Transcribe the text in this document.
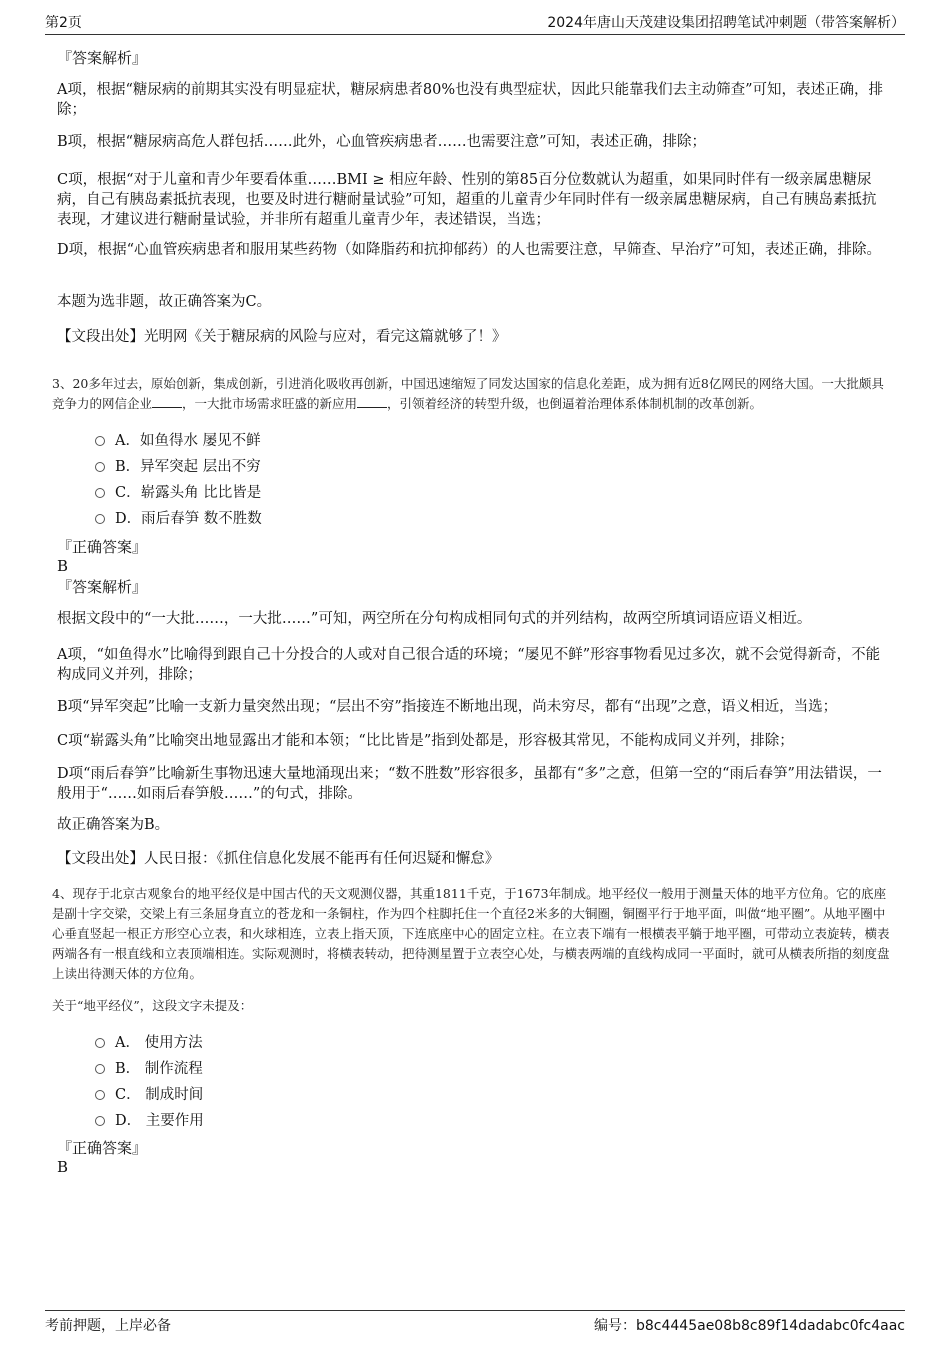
第2页	2024年唐山天茂建设集团招聘笔试冲刺题（带答案解析）
『答案解析』

A项，根据“糖尿病的前期其实没有明显症状，糖尿病患者80%也没有典型症状，因此只能靠我们去主动筛查”可知，表述正确，排除；

B项，根据“糖尿病高危人群包括……此外，心血管疾病患者……也需要注意”可知，表述正确，排除；

C项，根据“对于儿童和青少年要看体重……BMI ≥ 相应年龄、性别的第85百分位数就认为超重，如果同时伴有一级亲属患糖尿病，自己有胰岛素抵抗表现，也要及时进行糖耐量试验”可知，超重的儿童青少年同时伴有一级亲属患糖尿病，自己有胰岛素抵抗表现，才建议进行糖耐量试验，并非所有超重儿童青少年，表述错误，当选；

D项，根据“心血管疾病患者和服用某些药物（如降脂药和抗抑郁药）的人也需要注意，早筛查、早治疗”可知，表述正确，排除。

本题为选非题，故正确答案为C。

【文段出处】光明网《关于糖尿病的风险与应对，看完这篇就够了！》

3、20多年过去，原始创新，集成创新，引进消化吸收再创新，中国迅速缩短了同发达国家的信息化差距，成为拥有近8亿网民的网络大国。一大批颇具竞争力的网信企业 ，一大批市场需求旺盛的新应用 ，引领着经济的转型升级，也倒逼着治理体系体制机制的改革创新。

A．如鱼得水 屡见不鲜
B．异军突起 层出不穷
C．崭露头角 比比皆是
D．雨后春笋 数不胜数
『正确答案』
B
『答案解析』

根据文段中的“一大批……，一大批……”可知，两空所在分句构成相同句式的并列结构，故两空所填词语应语义相近。

A项，“如鱼得水”比喻得到跟自己十分投合的人或对自己很合适的环境；“屡见不鲜”形容事物看见过多次，就不会觉得新奇，不能构成同义并列，排除；

B项“异军突起”比喻一支新力量突然出现；“层出不穷”指接连不断地出现，尚未穷尽，都有“出现”之意，语义相近，当选；

C项“崭露头角”比喻突出地显露出才能和本领；“比比皆是”指到处都是，形容极其常见，不能构成同义并列，排除；

D项“雨后春笋”比喻新生事物迅速大量地涌现出来；“数不胜数”形容很多，虽都有“多”之意，但第一空的“雨后春笋”用法错误，一般用于“……如雨后春笋般……”的句式，排除。

故正确答案为B。

【文段出处】人民日报：《抓住信息化发展不能再有任何迟疑和懈怠》

4、现存于北京古观象台的地平经仪是中国古代的天文观测仪器，其重1811千克，于1673年制成。地平经仪一般用于测量天体的地平方位角。它的底座是副十字交梁，交梁上有三条屈身直立的苍龙和一条铜柱，作为四个柱脚托住一个直径2米多的大铜圈，铜圈平行于地平面，叫做“地平圈”。从地平圈中心垂直竖起一根正方形空心立表，和火球相连，立表上指天顶，下连底座中心的固定立柱。在立表下端有一根横表平躺于地平圈，可带动立表旋转，横表两端各有一根直线和立表顶端相连。实际观测时，将横表转动，把待测星置于立表空心处，与横表两端的直线构成同一平面时，就可从横表所指的刻度盘上读出待测天体的方位角。

关于“地平经仪”，这段文字未提及：

A． 使用方法
B． 制作流程
C． 制成时间
D． 主要作用
『正确答案』
B
考前押题，上岸必备	编号：b8c4445ae08b8c89f14dadabc0fc4aac
